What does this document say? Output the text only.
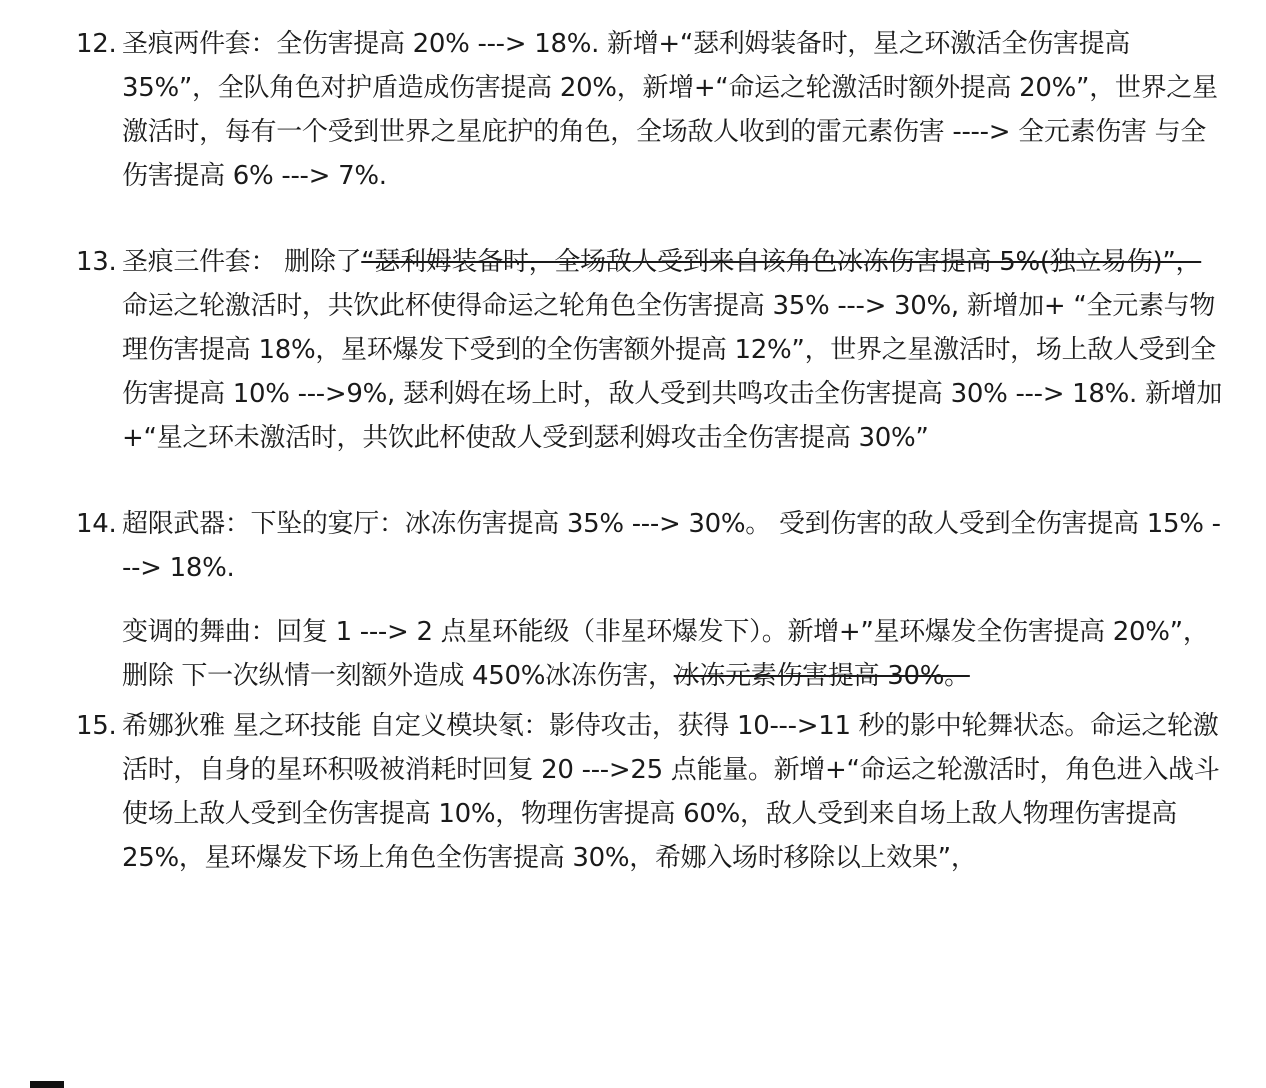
12. 圣痕两件套：全伤害提高 20% ---> 18%. 新增+“瑟利姆装备时，星之环激活全伤害提高 35%”，全队角色对护盾造成伤害提高 20%，新增+“命运之轮激活时额外提高 20%”，世界之星激活时，每有一个受到世界之星庇护的角色，全场敌人收到的雷元素伤害 ----> 全元素伤害 与全伤害提高 6% ---> 7%.
13. 圣痕三件套： 删除了“瑟利姆装备时，全场敌人受到来自该角色冰冻伤害提高 5%(独立易伤)”， 命运之轮激活时，共饮此杯使得命运之轮角色全伤害提高 35% ---> 30%, 新增加+ “全元素与物理伤害提高 18%，星环爆发下受到的全伤害额外提高 12%”，世界之星激活时，场上敌人受到全伤害提高 10% --->9%, 瑟利姆在场上时，敌人受到共鸣攻击全伤害提高 30% ---> 18%. 新增加+“星之环未激活时，共饮此杯使敌人受到瑟利姆攻击全伤害提高 30%”
14. 超限武器：下坠的宴厅：冰冻伤害提高 35% ---> 30%。 受到伤害的敌人受到全伤害提高 15% ---> 18%.
变调的舞曲：回复 1 ---> 2 点星环能级（非星环爆发下）。新增+”星环爆发全伤害提高 20%”， 删除 下一次纵情一刻额外造成 450%冰冻伤害，冰冻元素伤害提高 30%。
15. 希娜狄雅 星之环技能 自定义模块氡：影侍攻击，获得 10--->11 秒的影中轮舞状态。命运之轮激活时，自身的星环积吸被消耗时回复 20 --->25 点能量。新增+“命运之轮激活时，角色进入战斗使场上敌人受到全伤害提高 10%，物理伤害提高 60%，敌人受到来自场上敌人物理伤害提高 25%，星环爆发下场上角色全伤害提高 30%，希娜入场时移除以上效果”，
